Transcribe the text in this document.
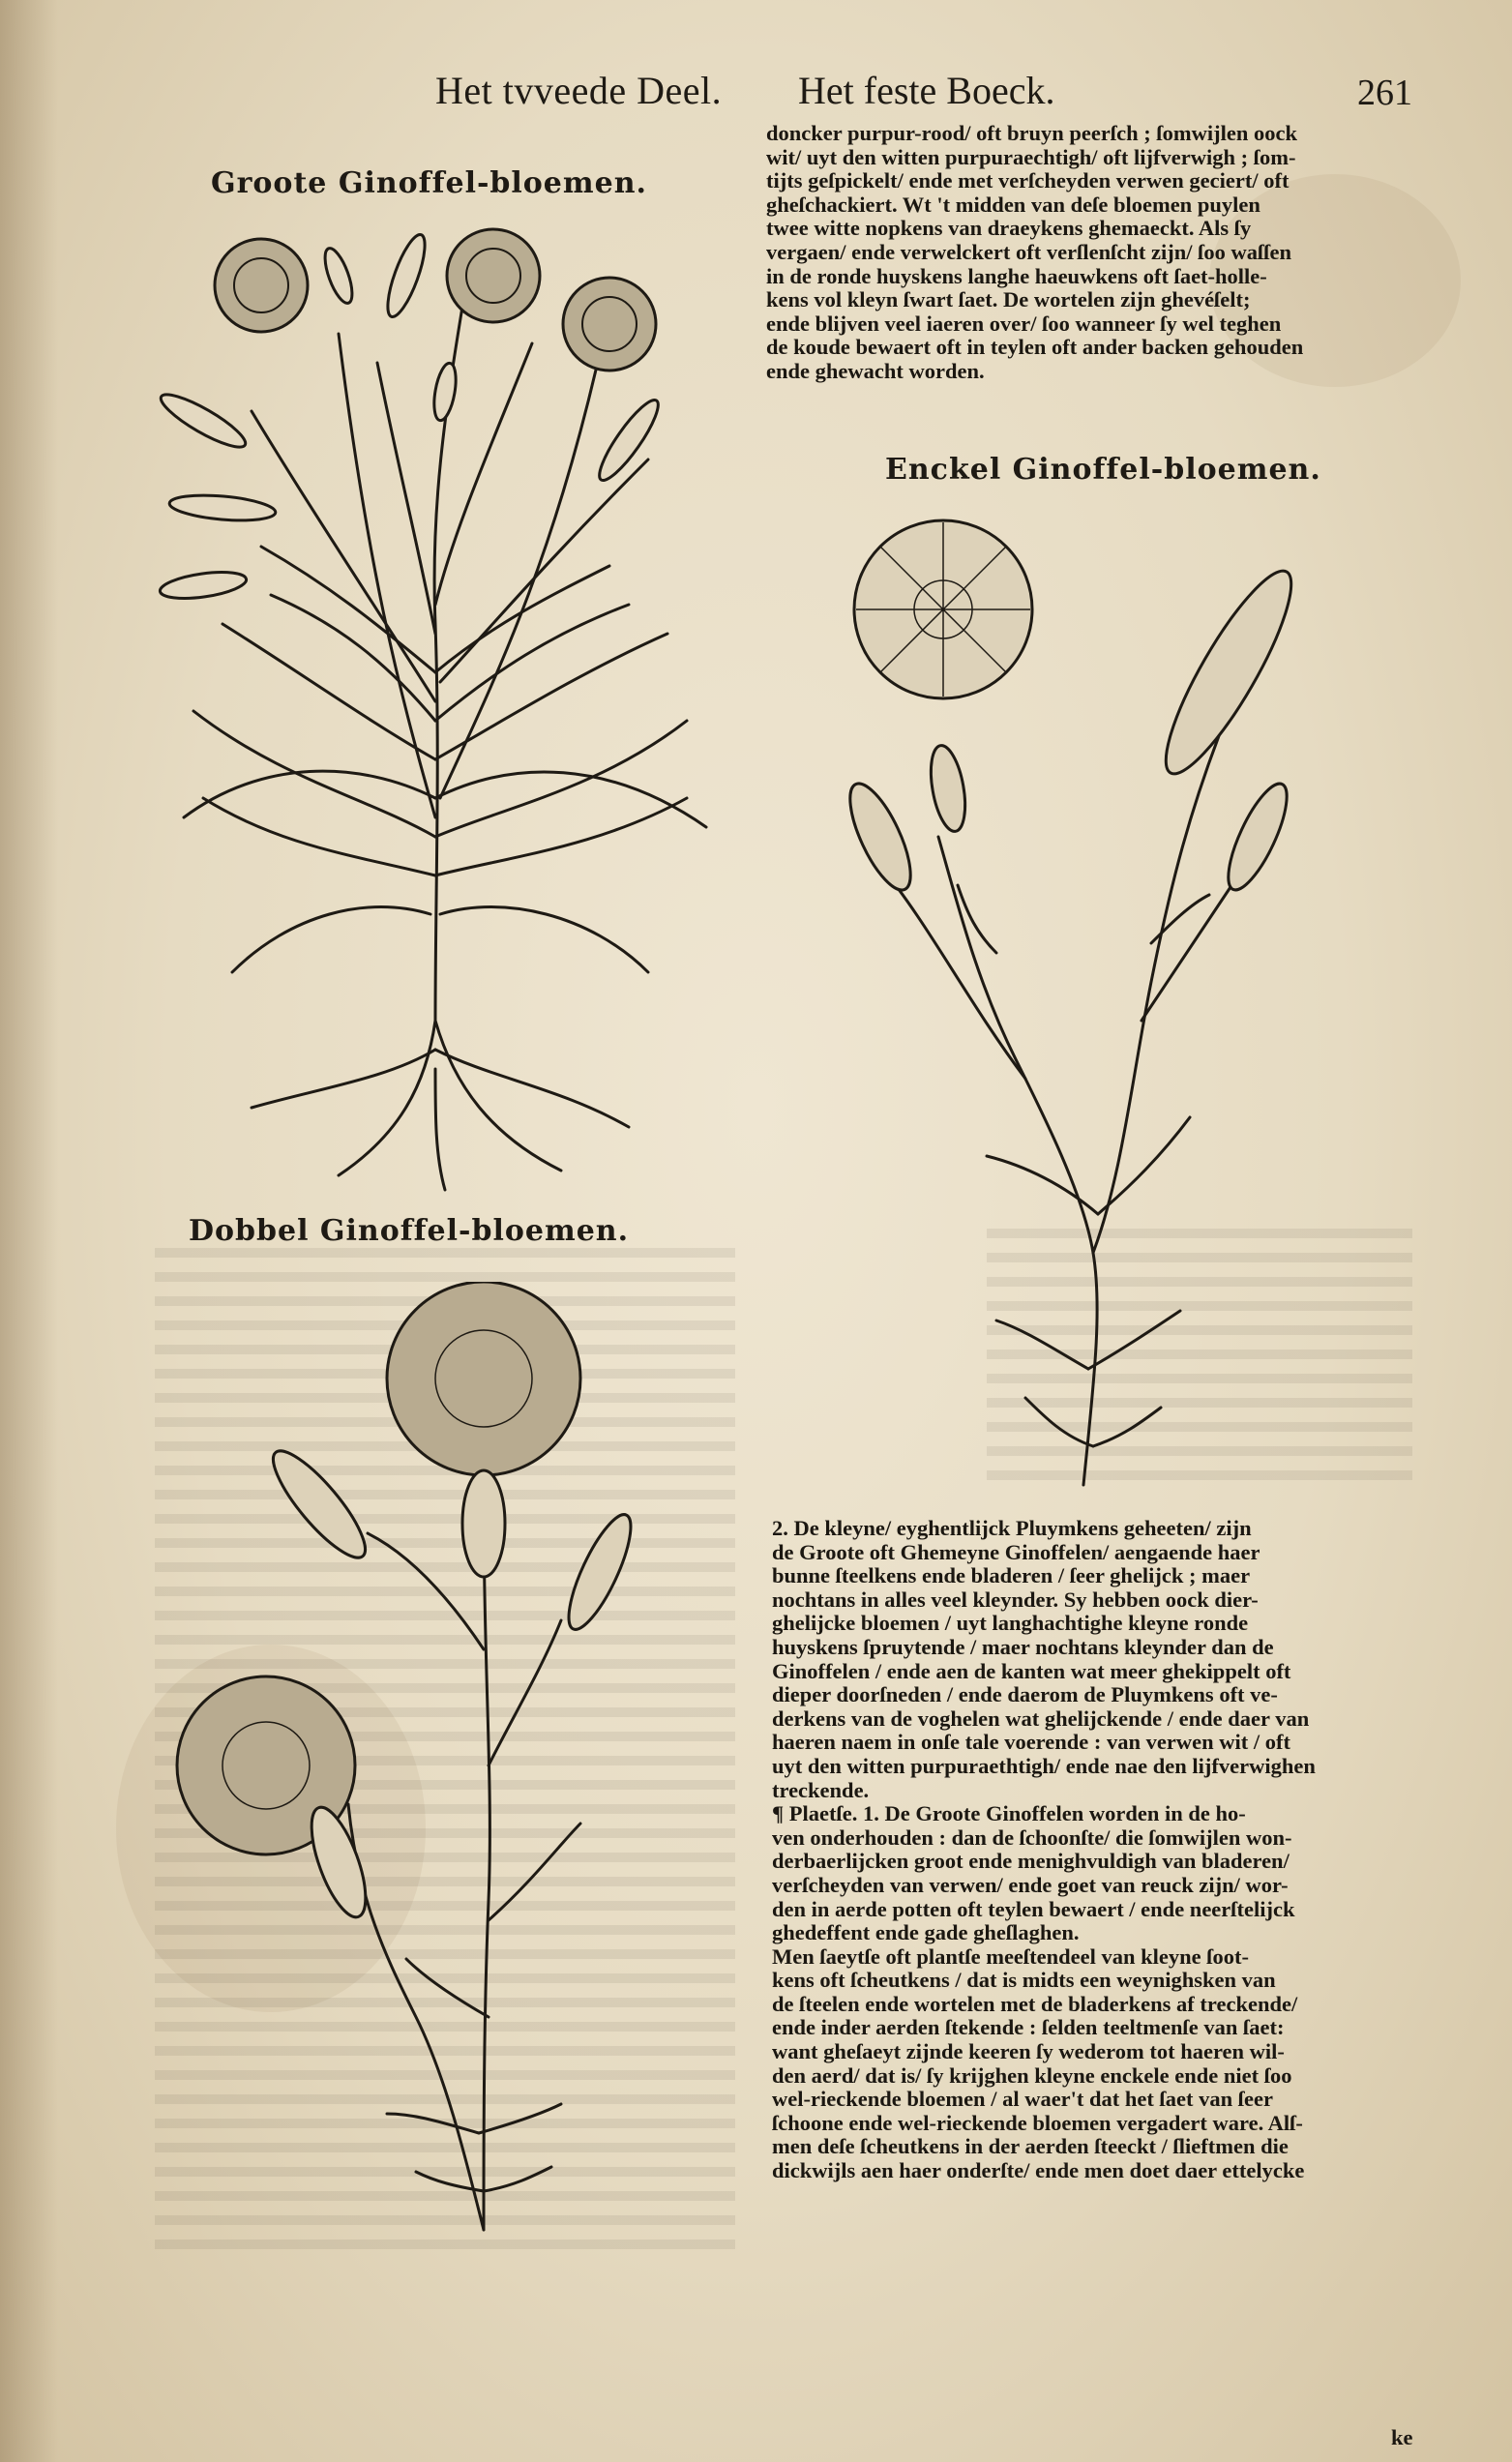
Het tvveede Deel. Het feste Boeck.	261
Groote Ginoffel-bloemen.
Enckel Ginoffel-bloemen.
Dobbel Ginoffel-bloemen.
doncker purpur-rood/ oft bruyn peerſch ; ſomwijlen oock
wit/ uyt den witten purpuraechtigh/ oft lijfverwigh ; ſom-
tijts geſpickelt/ ende met verſcheyden verwen geciert/ oft
gheſchackiert. Wt 't midden van deſe bloemen puylen
twee witte nopkens van draeykens ghemaeckt. Als ſy
vergaen/ ende verwelckert oft verſlenſcht zijn/ ſoo waſſen
in de ronde huyskens langhe haeuwkens oft ſaet-holle-
kens vol kleyn ſwart ſaet. De wortelen zijn ghevéſelt;
ende blijven veel iaeren over/ ſoo wanneer ſy wel teghen
de koude bewaert oft in teylen oft ander backen gehouden
ende ghewacht worden.
2. De kleyne/ eyghentlijck Pluymkens geheeten/ zijn
de Groote oft Ghemeyne Ginoffelen/ aengaende haer
bunne ſteelkens ende bladeren / ſeer ghelijck ; maer
nochtans in alles veel kleynder. Sy hebben oock dier-
ghelijcke bloemen / uyt langhachtighe kleyne ronde
huyskens ſpruytende / maer nochtans kleynder dan de
Ginoffelen / ende aen de kanten wat meer ghekippelt oft
dieper doorſneden / ende daerom de Pluymkens oft ve-
derkens van de voghelen wat ghelijckende / ende daer van
haeren naem in onſe tale voerende : van verwen wit / oft
uyt den witten purpuraethtigh/ ende nae den lijfverwighen
treckende.
¶ Plaetſe. 1. De Groote Ginoffelen worden in de ho-
ven onderhouden : dan de ſchoonſte/ die ſomwijlen won-
derbaerlijcken groot ende menighvuldigh van bladeren/
verſcheyden van verwen/ ende goet van reuck zijn/ wor-
den in aerde potten oft teylen bewaert / ende neerſtelijck
ghedeffent ende gade gheſlaghen.
Men ſaeytſe oft plantſe meeſtendeel van kleyne ſoot-
kens oft ſcheutkens / dat is midts een weynighsken van
de ſteelen ende wortelen met de bladerkens af treckende/
ende inder aerden ſtekende : ſelden teeltmenſe van ſaet:
want gheſaeyt zijnde keeren ſy wederom tot haeren wil-
den aerd/ dat is/ ſy krijghen kleyne enckele ende niet ſoo
wel-rieckende bloemen / al waer't dat het ſaet van ſeer
ſchoone ende wel-rieckende bloemen vergadert ware. Alſ-
men deſe ſcheutkens in der aerden ſteeckt / ſlieftmen die
dickwijls aen haer onderſte/ ende men doet daer ettelycke
ke
